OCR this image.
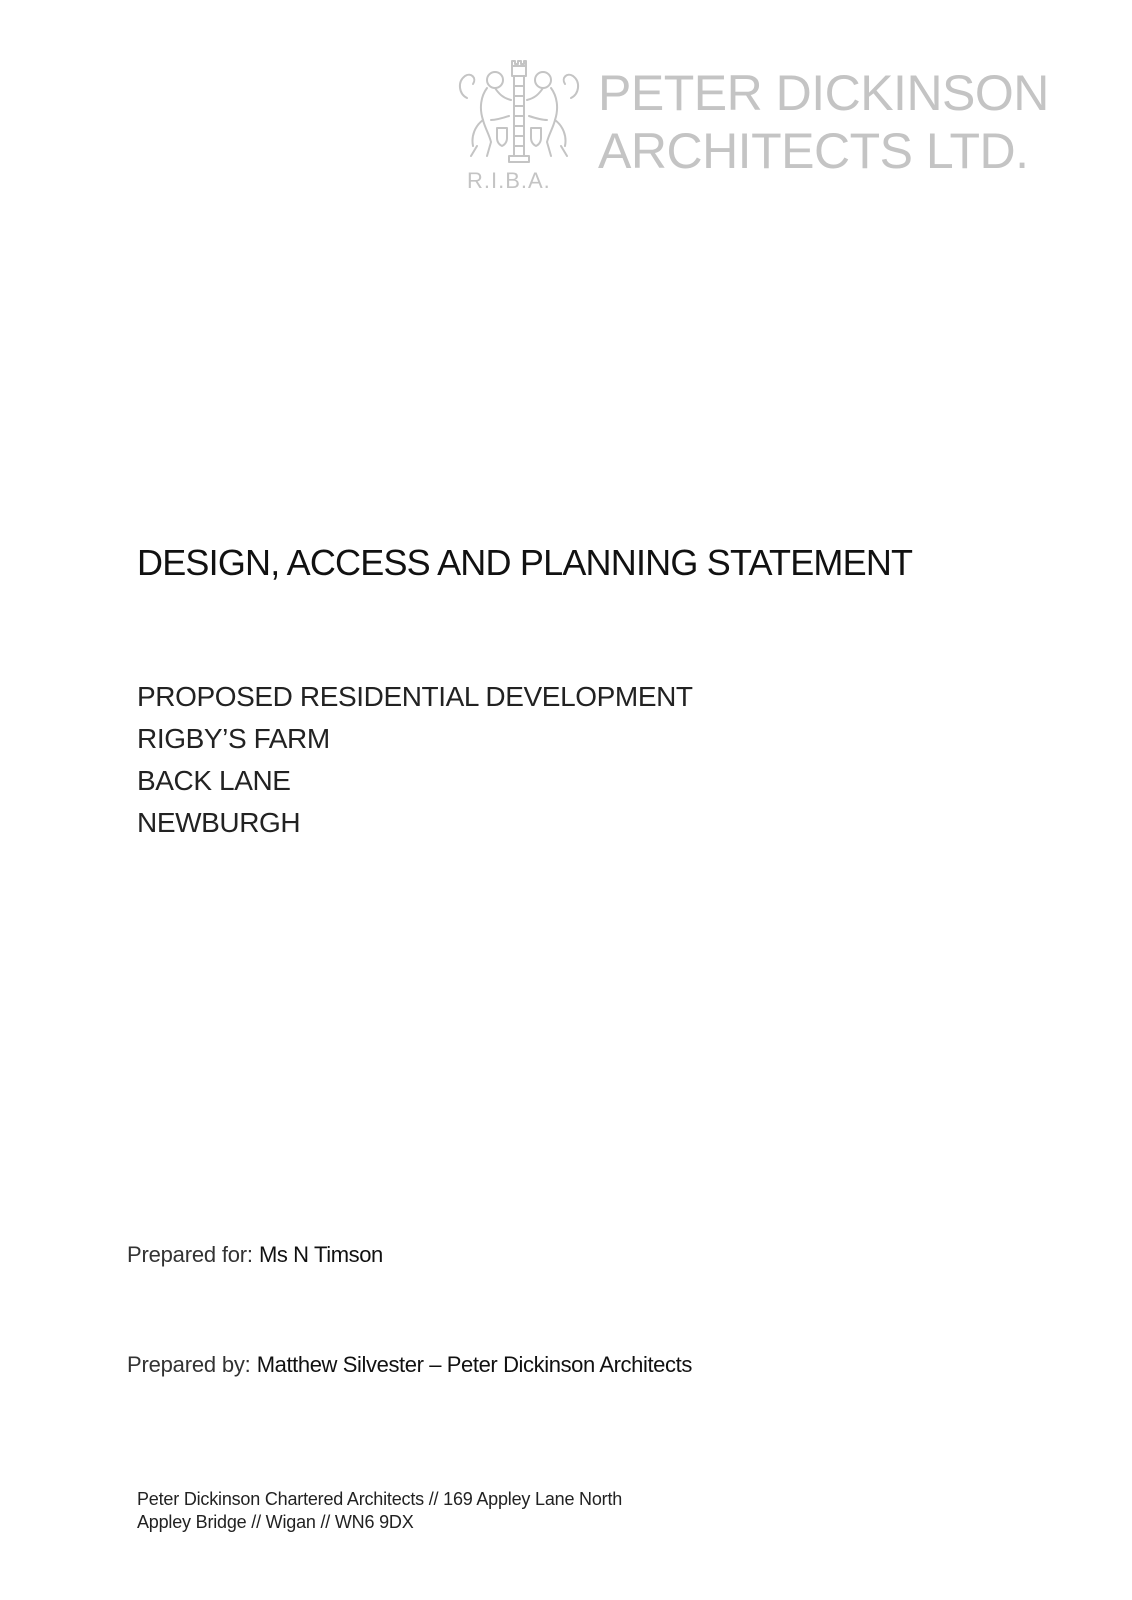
R.I.B.A.
PETER DICKINSON
ARCHITECTS LTD.
DESIGN, ACCESS AND PLANNING STATEMENT
PROPOSED RESIDENTIAL DEVELOPMENT
RIGBY’S FARM
BACK LANE
NEWBURGH
Prepared for: Ms N Timson
Prepared by: Matthew Silvester – Peter Dickinson Architects
Peter Dickinson Chartered Architects // 169 Appley Lane North
Appley Bridge // Wigan // WN6 9DX
